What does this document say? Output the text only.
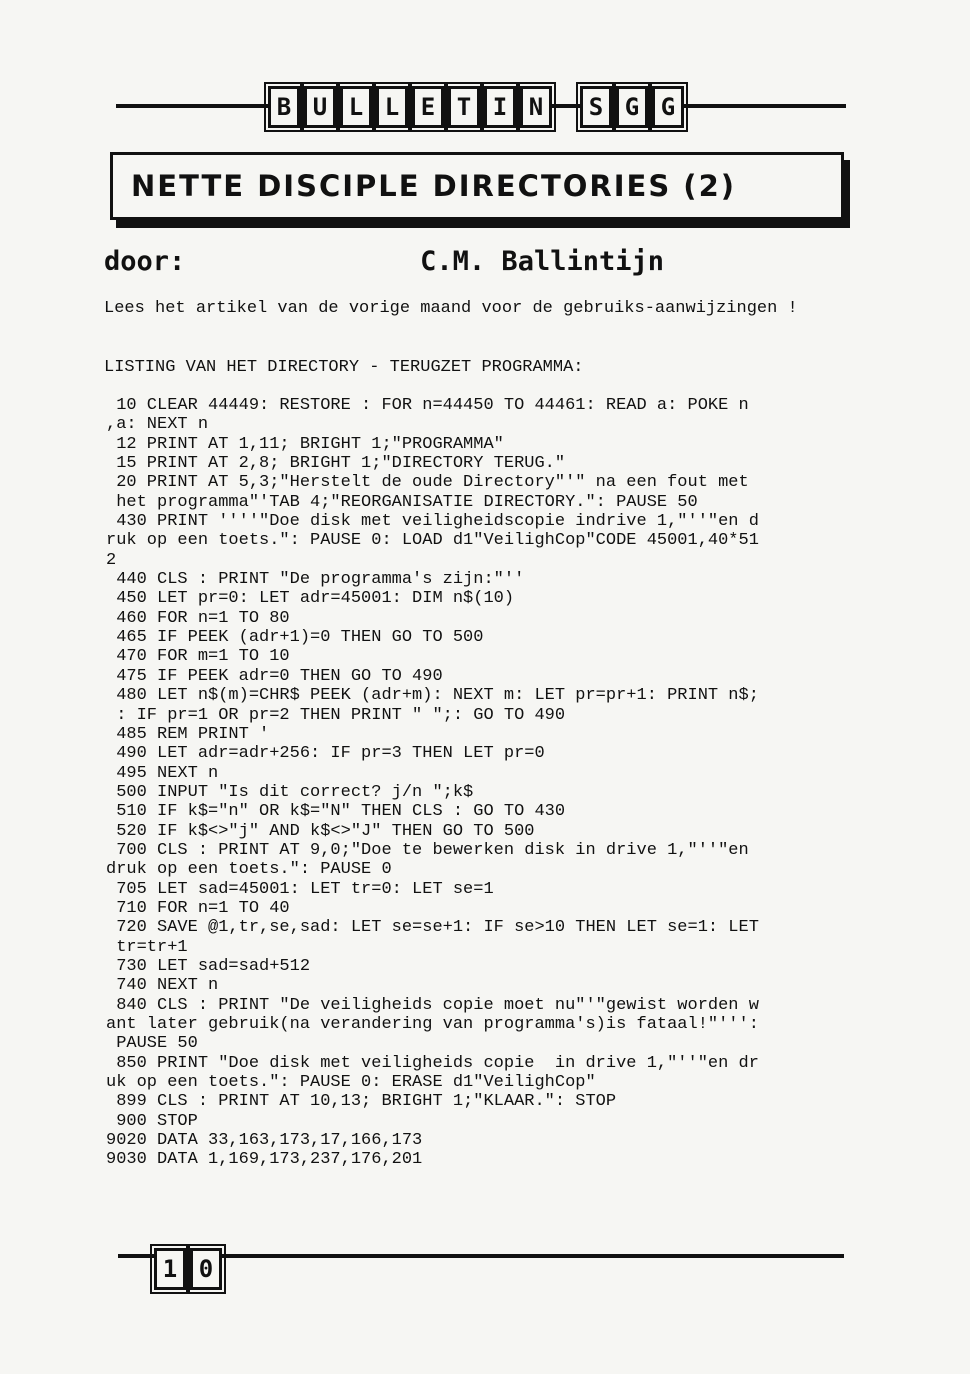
B U L L E T I N	S G G
NETTE DISCIPLE DIRECTORIES (2)
door:	C.M. Ballintijn
Lees het artikel van de vorige maand voor de gebruiks-aanwijzingen !
LISTING VAN HET DIRECTORY - TERUGZET PROGRAMMA:
10 CLEAR 44449: RESTORE : FOR n=44450 TO 44461: READ a: POKE n
,a: NEXT n
12 PRINT AT 1,11; BRIGHT 1;"PROGRAMMA"
15 PRINT AT 2,8; BRIGHT 1;"DIRECTORY TERUG."
20 PRINT AT 5,3;"Herstelt de oude Directory"'" na een fout met
het programma"'TAB 4;"REORGANISATIE DIRECTORY.": PAUSE 50
430 PRINT ''''"Doe disk met veiligheidscopie indrive 1,"''"en d
ruk op een toets.": PAUSE 0: LOAD d1"VeilighCop"CODE 45001,40*51
2
440 CLS : PRINT "De programma's zijn:"''
450 LET pr=0: LET adr=45001: DIM n$(10)
460 FOR n=1 TO 80
465 IF PEEK (adr+1)=0 THEN GO TO 500
470 FOR m=1 TO 10
475 IF PEEK adr=0 THEN GO TO 490
480 LET n$(m)=CHR$ PEEK (adr+m): NEXT m: LET pr=pr+1: PRINT n$;
: IF pr=1 OR pr=2 THEN PRINT " ";: GO TO 490
485 REM PRINT '
490 LET adr=adr+256: IF pr=3 THEN LET pr=0
495 NEXT n
500 INPUT "Is dit correct? j/n ";k$
510 IF k$="n" OR k$="N" THEN CLS : GO TO 430
520 IF k$<>"j" AND k$<>"J" THEN GO TO 500
700 CLS : PRINT AT 9,0;"Doe te bewerken disk in drive 1,"''"en
druk op een toets.": PAUSE 0
705 LET sad=45001: LET tr=0: LET se=1
710 FOR n=1 TO 40
720 SAVE @1,tr,se,sad: LET se=se+1: IF se>10 THEN LET se=1: LET
tr=tr+1
730 LET sad=sad+512
740 NEXT n
840 CLS : PRINT "De veiligheids copie moet nu"'"gewist worden w
ant later gebruik(na verandering van programma's)is fataal!"''':
PAUSE 50
850 PRINT "Doe disk met veiligheids copie  in drive 1,"''"en dr
uk op een toets.": PAUSE 0: ERASE d1"VeilighCop"
899 CLS : PRINT AT 10,13; BRIGHT 1;"KLAAR.": STOP
900 STOP
9020 DATA 33,163,173,17,166,173
9030 DATA 1,169,173,237,176,201
1 0
